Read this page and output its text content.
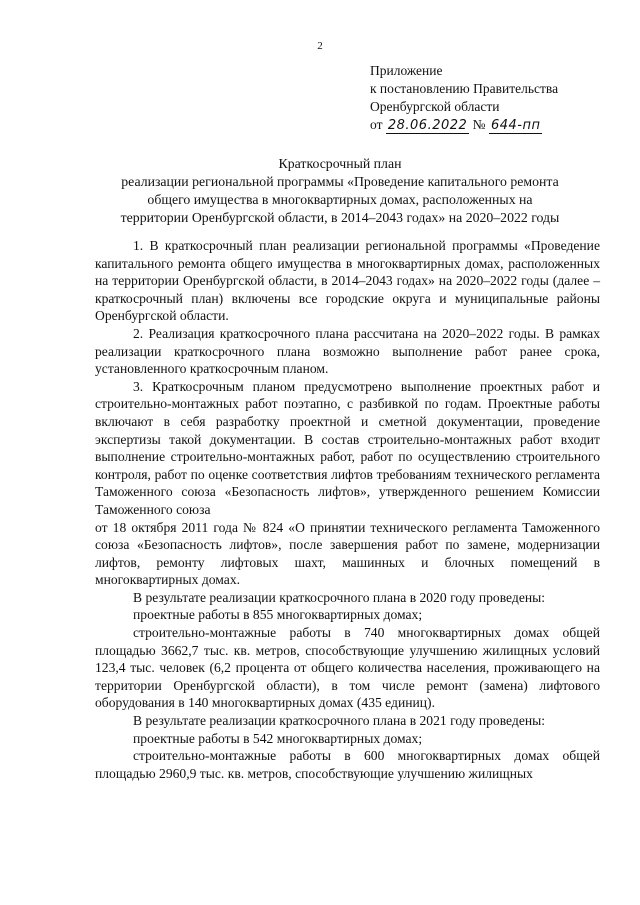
2
Приложение
к постановлению Правительства
Оренбургской области
от 28.06.2022 № 644-пп
Краткосрочный план
реализации региональной программы «Проведение капитального ремонта
общего имущества в многоквартирных домах, расположенных на
территории Оренбургской области, в 2014–2043 годах» на 2020–2022 годы

1. В краткосрочный план реализации региональной программы «Проведение капитального ремонта общего имущества в многоквартирных домах, расположенных на территории Оренбургской области, в 2014–2043 годах» на 2020–2022 годы (далее – краткосрочный план) включены все городские округа и муниципальные районы Оренбургской области.

2. Реализация краткосрочного плана рассчитана на 2020–2022 годы. В рамках реализации краткосрочного плана возможно выполнение работ ранее срока, установленного краткосрочным планом.

3. Краткосрочным планом предусмотрено выполнение проектных работ и строительно-монтажных работ поэтапно, с разбивкой по годам. Проектные работы включают в себя разработку проектной и сметной документации, проведение экспертизы такой документации. В состав строительно-монтажных работ входит выполнение строительно-монтажных работ, работ по осуществлению строительного контроля, работ по оценке соответствия лифтов требованиям технического регламента Таможенного союза «Безопасность лифтов», утвержденного решением Комиссии Таможенного союза

от 18 октября 2011 года № 824 «О принятии технического регламента Таможенного союза «Безопасность лифтов», после завершения работ по замене, модернизации лифтов, ремонту лифтовых шахт, машинных и блочных помещений в многоквартирных домах.

В результате реализации краткосрочного плана в 2020 году проведены:

проектные работы в 855 многоквартирных домах;

строительно-монтажные работы в 740 многоквартирных домах общей площадью 3662,7 тыс. кв. метров, способствующие улучшению жилищных условий 123,4 тыс. человек (6,2 процента от общего количества населения, проживающего на территории Оренбургской области), в том числе ремонт (замена) лифтового оборудования в 140 многоквартирных домах (435 единиц).

В результате реализации краткосрочного плана в 2021 году проведены:

проектные работы в 542 многоквартирных домах;

строительно-монтажные работы в 600 многоквартирных домах общей площадью 2960,9 тыс. кв. метров, способствующие улучшению жилищных
